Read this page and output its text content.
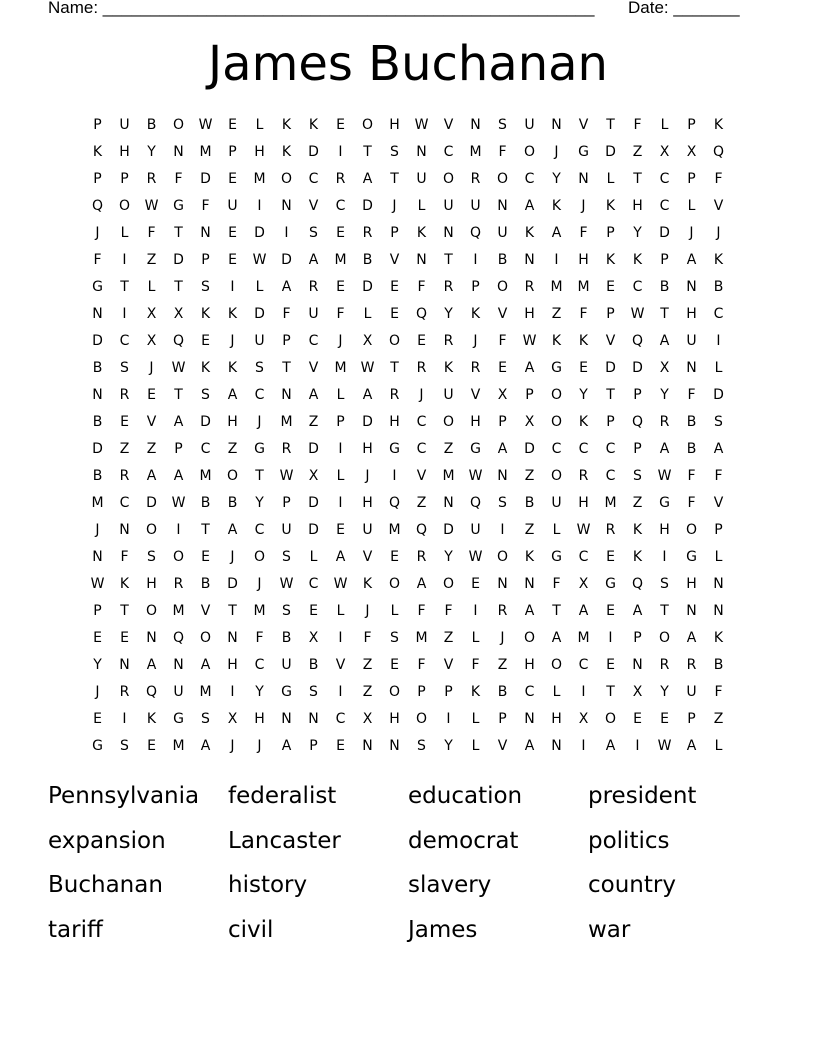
Name: ____________________________________________________ Date: _______
James Buchanan
P	U	B	O	W	E	L	K	K	E	O	H	W	V	N	S	U	N	V	T	F	L	P	K
K	H	Y	N	M	P	H	K	D	I	T	S	N	C	M	F	O	J	G	D	Z	X	X	Q
P	P	R	F	D	E	M	O	C	R	A	T	U	O	R	O	C	Y	N	L	T	C	P	F
Q	O	W	G	F	U	I	N	V	C	D	J	L	U	U	N	A	K	J	K	H	C	L	V
J	L	F	T	N	E	D	I	S	E	R	P	K	N	Q	U	K	A	F	P	Y	D	J	J
F	I	Z	D	P	E	W	D	A	M	B	V	N	T	I	B	N	I	H	K	K	P	A	K
G	T	L	T	S	I	L	A	R	E	D	E	F	R	P	O	R	M	M	E	C	B	N	B
N	I	X	X	K	K	D	F	U	F	L	E	Q	Y	K	V	H	Z	F	P	W	T	H	C
D	C	X	Q	E	J	U	P	C	J	X	O	E	R	J	F	W	K	K	V	Q	A	U	I
B	S	J	W	K	K	S	T	V	M	W	T	R	K	R	E	A	G	E	D	D	X	N	L
N	R	E	T	S	A	C	N	A	L	A	R	J	U	V	X	P	O	Y	T	P	Y	F	D
B	E	V	A	D	H	J	M	Z	P	D	H	C	O	H	P	X	O	K	P	Q	R	B	S
D	Z	Z	P	C	Z	G	R	D	I	H	G	C	Z	G	A	D	C	C	C	P	A	B	A
B	R	A	A	M	O	T	W	X	L	J	I	V	M	W	N	Z	O	R	C	S	W	F	F
M	C	D	W	B	B	Y	P	D	I	H	Q	Z	N	Q	S	B	U	H	M	Z	G	F	V
J	N	O	I	T	A	C	U	D	E	U	M	Q	D	U	I	Z	L	W	R	K	H	O	P
N	F	S	O	E	J	O	S	L	A	V	E	R	Y	W	O	K	G	C	E	K	I	G	L
W	K	H	R	B	D	J	W	C	W	K	O	A	O	E	N	N	F	X	G	Q	S	H	N
P	T	O	M	V	T	M	S	E	L	J	L	F	F	I	R	A	T	A	E	A	T	N	N
E	E	N	Q	O	N	F	B	X	I	F	S	M	Z	L	J	O	A	M	I	P	O	A	K
Y	N	A	N	A	H	C	U	B	V	Z	E	F	V	F	Z	H	O	C	E	N	R	R	B
J	R	Q	U	M	I	Y	G	S	I	Z	O	P	P	K	B	C	L	I	T	X	Y	U	F
E	I	K	G	S	X	H	N	N	C	X	H	O	I	L	P	N	H	X	O	E	E	P	Z
G	S	E	M	A	J	J	A	P	E	N	N	S	Y	L	V	A	N	I	A	I	W	A	L
Pennsylvania	federalist	education	president
expansion	Lancaster	democrat	politics
Buchanan	history	slavery	country
tariff	civil	James	war
